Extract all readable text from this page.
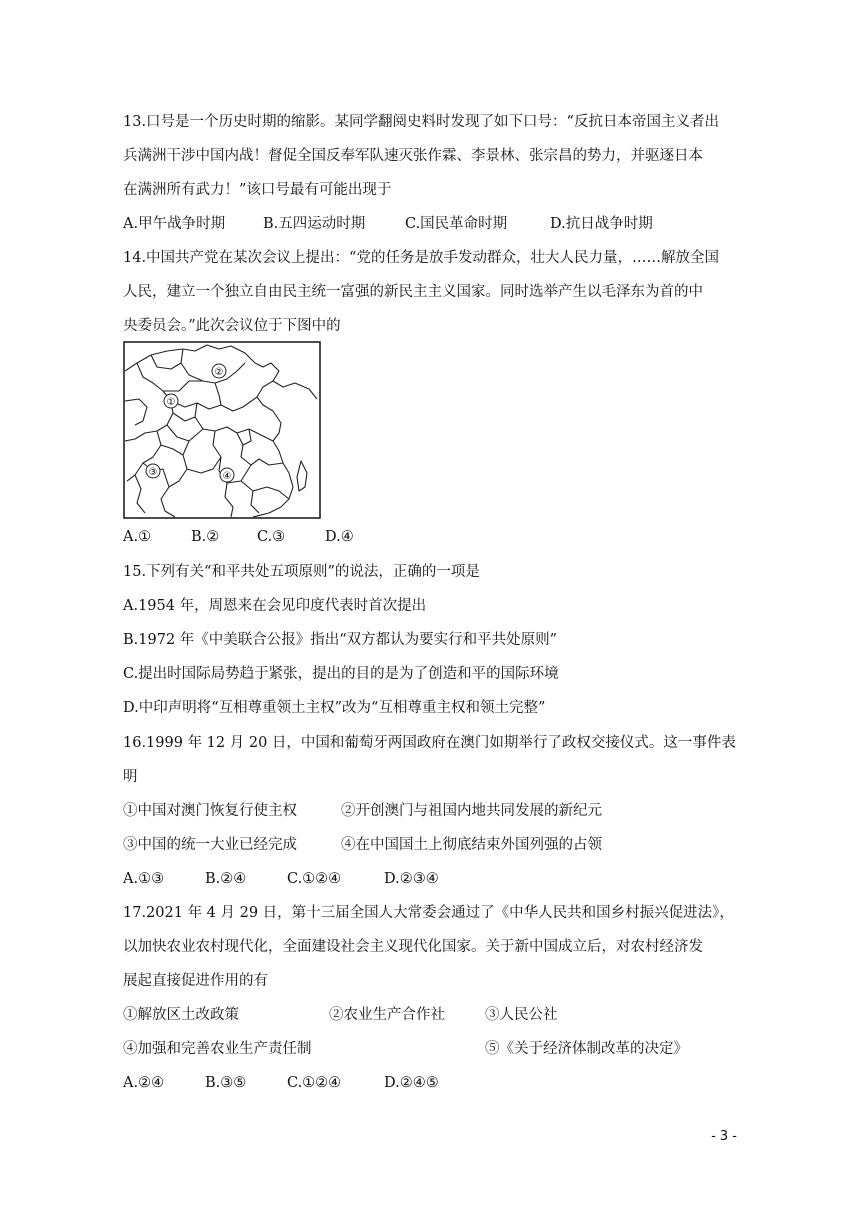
13.口号是一个历史时期的缩影。某同学翻阅史料时发现了如下口号：“反抗日本帝国主义者出
兵满洲干涉中国内战！督促全国反奉军队速灭张作霖、李景林、张宗昌的势力，并驱逐日本
在满洲所有武力！”该口号最有可能出现于
A.甲午战争时期	B.五四运动时期	C.国民革命时期	D.抗日战争时期
14.中国共产党在某次会议上提出：“党的任务是放手发动群众，壮大人民力量，……解放全国
人民，建立一个独立自由民主统一富强的新民主主义国家。同时选举产生以毛泽东为首的中
央委员会。”此次会议位于下图中的
①
②
③	④
A.①	B.②	C.③	D.④
15.下列有关“和平共处五项原则”的说法，正确的一项是
A.1954 年，周恩来在会见印度代表时首次提出
B.1972 年《中美联合公报》指出“双方都认为要实行和平共处原则”
C.提出时国际局势趋于紧张，提出的目的是为了创造和平的国际环境
D.中印声明将“互相尊重领土主权”改为“互相尊重主权和领土完整”
16.1999 年 12 月 20 日，中国和葡萄牙两国政府在澳门如期举行了政权交接仪式。这一事件表
明
①中国对澳门恢复行使主权	②开创澳门与祖国内地共同发展的新纪元
③中国的统一大业已经完成	④在中国国土上彻底结束外国列强的占领
A.①③	B.②④	C.①②④	D.②③④
17.2021 年 4 月 29 日，第十三届全国人大常委会通过了《中华人民共和国乡村振兴促进法》，
以加快农业农村现代化，全面建设社会主义现代化国家。关于新中国成立后，对农村经济发
展起直接促进作用的有
①解放区土改政策	②农业生产合作社	③人民公社
④加强和完善农业生产责任制	⑤《关于经济体制改革的决定》
A.②④	B.③⑤	C.①②④	D.②④⑤
- 3 -
